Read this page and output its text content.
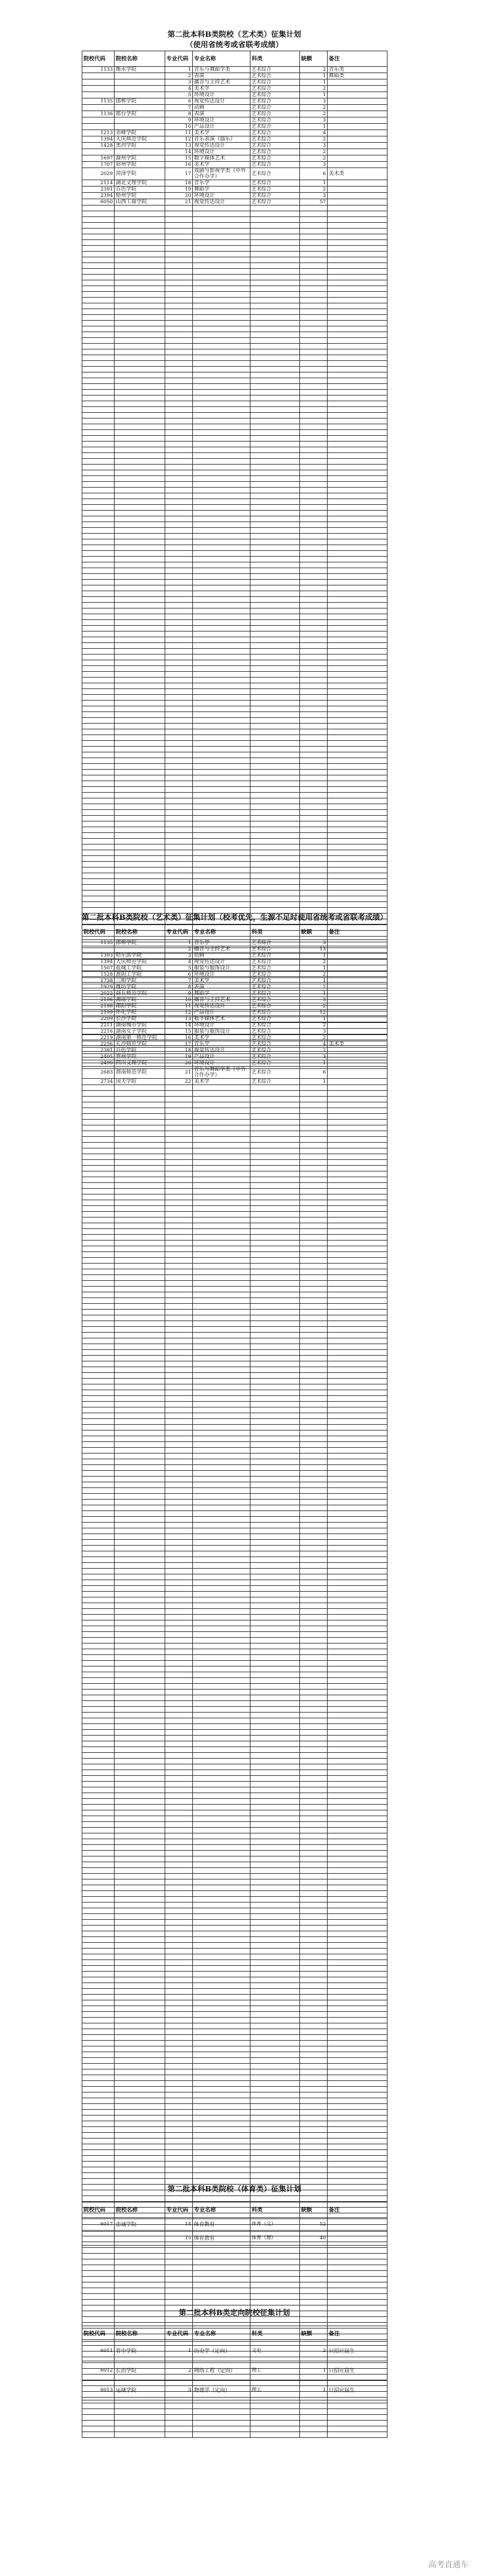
第二批本科B类院校（艺术类）征集计划
（使用省统考或省联考成绩）
院校代码	院校名称	专业代码	专业名称	科类	缺额	备注
1133	衡水学院	1	音乐与舞蹈学类	艺术综合	2	音乐类
		2	表演	艺术综合	1	舞蹈类
		3	播音与主持艺术	艺术综合	1	
		4	美术学	艺术综合	2	
		5	环境设计	艺术综合	1	
1135	邯郸学院	6	视觉传达设计	艺术综合	3	
		7	动画	艺术综合	2	
1136	邢台学院	8	表演	艺术综合	2	
		9	环境设计	艺术综合	3	
		10	产品设计	艺术综合	1	
1213	赤峰学院	11	美术学	艺术综合	4	
1394	大庆师范学院	12	音乐表演（器乐）	艺术综合	2	
1428	黑河学院	13	视觉传达设计	艺术综合	3	
		14	环境设计	艺术综合	2	
1697	滁州学院	15	数字媒体艺术	艺术综合	2	
1707	宿州学院	16	美术学	艺术综合	3	
2029	菏泽学院	17	戏剧与影视学类（中外合作办学）	艺术综合	6	美术类
2114	湖北文理学院	18	音乐学	艺术综合	1	
2391	百色学院	19	舞蹈学	艺术综合	2	
2394	梧州学院	20	环境设计	艺术综合	3	
6050	山西工商学院	21	视觉传达设计	艺术综合	57	

第二批本科B类院校（艺术类）征集计划（校考优先，生源不足时使用省统考或省联考成绩）
院校代码	院校名称	专业代码	专业名称	科类	缺额	备注
1135	邯郸学院	1	音乐学	艺术综合	3	
		2	播音与主持艺术	艺术综合	13	
1393	哈尔滨学院	3	动画	艺术综合	1	
1394	大庆师范学院	4	视觉传达设计	艺术综合	2	
1507	盐城工学院	5	服装与服饰设计	艺术综合	1	
1528	淮阴工学院	6	环境设计	艺术综合	2	
1738	三明学院	7	美术学	艺术综合	1	
1929	潍坊学院	8	表演	艺术综合	2	
2022	商丘师范学院	9	舞蹈学	艺术综合	1	
2196	湘南学院	10	播音与主持艺术	艺术综合	3	
2198	邵阳学院	11	视觉传达设计	艺术综合	2	
2199	怀化学院	12	产品设计	艺术综合	12	
2209	长沙学院	13	数字媒体艺术	艺术综合	1	
2211	湖南城市学院	14	环境设计	艺术综合	2	
2216	湖南女子学院	15	服装与服饰设计	艺术综合	3	
2219	湖南第一师范学院	16	美术学	艺术综合	2	
2256	长沙师范学院	17	音乐学	艺术综合	4	美术类
2391	百色学院	18	视觉传达设计	艺术综合	2	
2405	贺州学院	19	产品设计	艺术综合	3	
2499	四川文理学院	20	环境设计	艺术综合	1	
2683	渭南师范学院	21	音乐与舞蹈学类（中外合作办学）	艺术综合	6	
2734	国关学院	22	美术学	艺术综合	1	

第二批本科B类院校（体育类）征集计划
院校代码	院校名称	专业代码	专业名称	科类	缺额	备注
6017	忠诚学院	14	体育教育	体育（文）	52	
		15	体育教育	体育（理）	40	
第二批本科B类定向院校征集计划
院校代码	院校名称	专业代码	专业名称	科类	缺额	备注
6011	晋中学院	1	历史学（定向）	文史	2	只招应届生
6012	长治学院	2	网络工程（定向）	理工	1	只招应届生
6013	运城学院	3	物理学（定向）	理工	1	只招应届生
高考直通车
